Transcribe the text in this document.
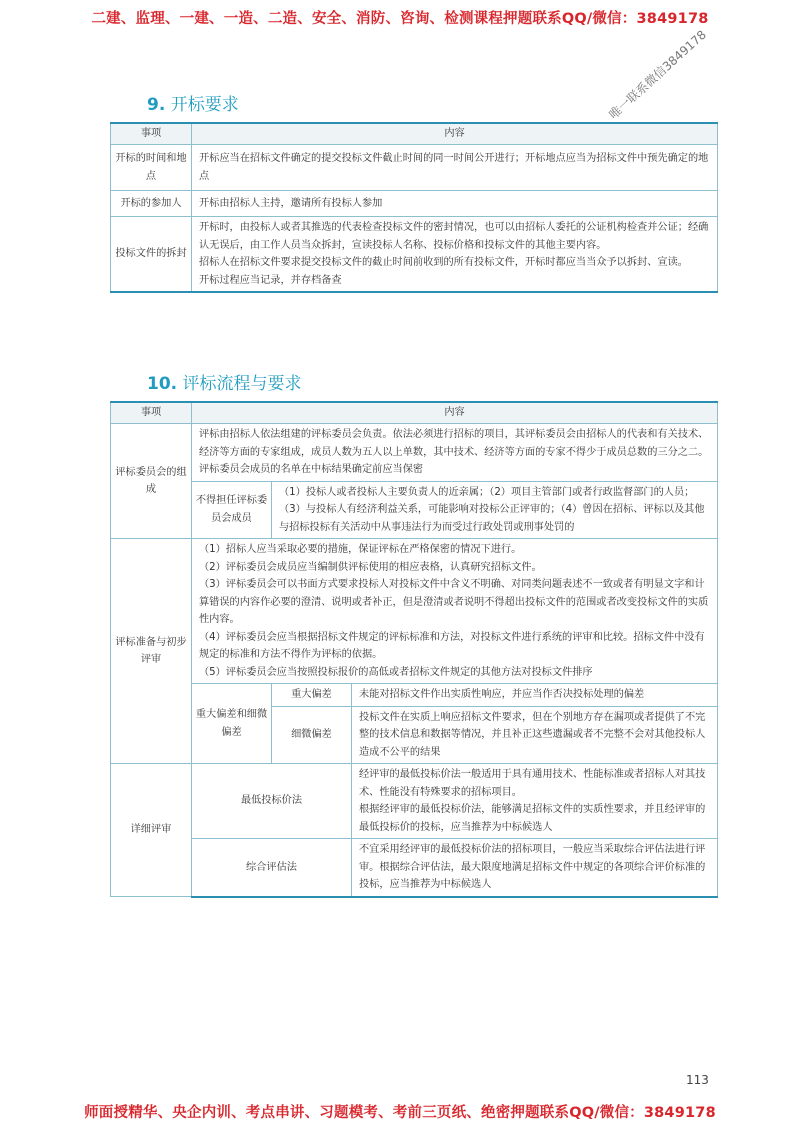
二建、监理、一建、一造、二造、安全、消防、咨询、检测课程押题联系QQ/微信：3849178
唯一联系微信3849178
9. 开标要求
事项	内容
开标的时间和地点	开标应当在招标文件确定的提交投标文件截止时间的同一时间公开进行；开标地点应当为招标文件中预先确定的地点
开标的参加人	开标由招标人主持，邀请所有投标人参加
投标文件的拆封	开标时，由投标人或者其推选的代表检查投标文件的密封情况，也可以由招标人委托的公证机构检查并公证；经确认无误后，由工作人员当众拆封，宣读投标人名称、投标价格和投标文件的其他主要内容。
招标人在招标文件要求提交投标文件的截止时间前收到的所有投标文件，开标时都应当当众予以拆封、宣读。
开标过程应当记录，并存档备查
10. 评标流程与要求
事项	内容		
评标委员会的组成	评标由招标人依法组建的评标委员会负责。依法必须进行招标的项目，其评标委员会由招标人的代表和有关技术、经济等方面的专家组成，成员人数为五人以上单数，其中技术、经济等方面的专家不得少于成员总数的三分之二。
评标委员会成员的名单在中标结果确定前应当保密		

	不得担任评标委员会成员	（1）投标人或者投标人主要负责人的近亲属；（2）项目主管部门或者行政监督部门的人员；（3）与投标人有经济利益关系，可能影响对投标公正评审的；（4）曾因在招标、评标以及其他与招标投标有关活动中从事违法行为而受过行政处罚或刑事处罚的	
评标准备与初步评审	（1）招标人应当采取必要的措施，保证评标在严格保密的情况下进行。
（2）评标委员会成员应当编制供评标使用的相应表格，认真研究招标文件。
（3）评标委员会可以书面方式要求投标人对投标文件中含义不明确、对同类问题表述不一致或者有明显文字和计算错误的内容作必要的澄清、说明或者补正，但是澄清或者说明不得超出投标文件的范围或者改变投标文件的实质性内容。
（4）评标委员会应当根据招标文件规定的评标标准和方法，对投标文件进行系统的评审和比较。招标文件中没有规定的标准和方法不得作为评标的依据。
（5）评标委员会应当按照投标报价的高低或者招标文件规定的其他方法对投标文件排序		

	重大偏差和细微偏差	重大偏差	未能对招标文件作出实质性响应，并应当作否决投标处理的偏差
		细微偏差	投标文件在实质上响应招标文件要求，但在个别地方存在漏项或者提供了不完整的技术信息和数据等情况，并且补正这些遗漏或者不完整不会对其他投标人造成不公平的结果
详细评审	最低投标价法		经评审的最低投标价法一般适用于具有通用技术、性能标准或者招标人对其技术、性能没有特殊要求的招标项目。
根据经评审的最低投标价法，能够满足招标文件的实质性要求，并且经评审的最低投标价的投标，应当推荐为中标候选人

	综合评估法		不宜采用经评审的最低投标价法的招标项目，一般应当采取综合评估法进行评审。根据综合评估法，最大限度地满足招标文件中规定的各项综合评价标准的投标，应当推荐为中标候选人
113
师面授精华、央企内训、考点串讲、习题模考、考前三页纸、绝密押题联系QQ/微信：3849178
